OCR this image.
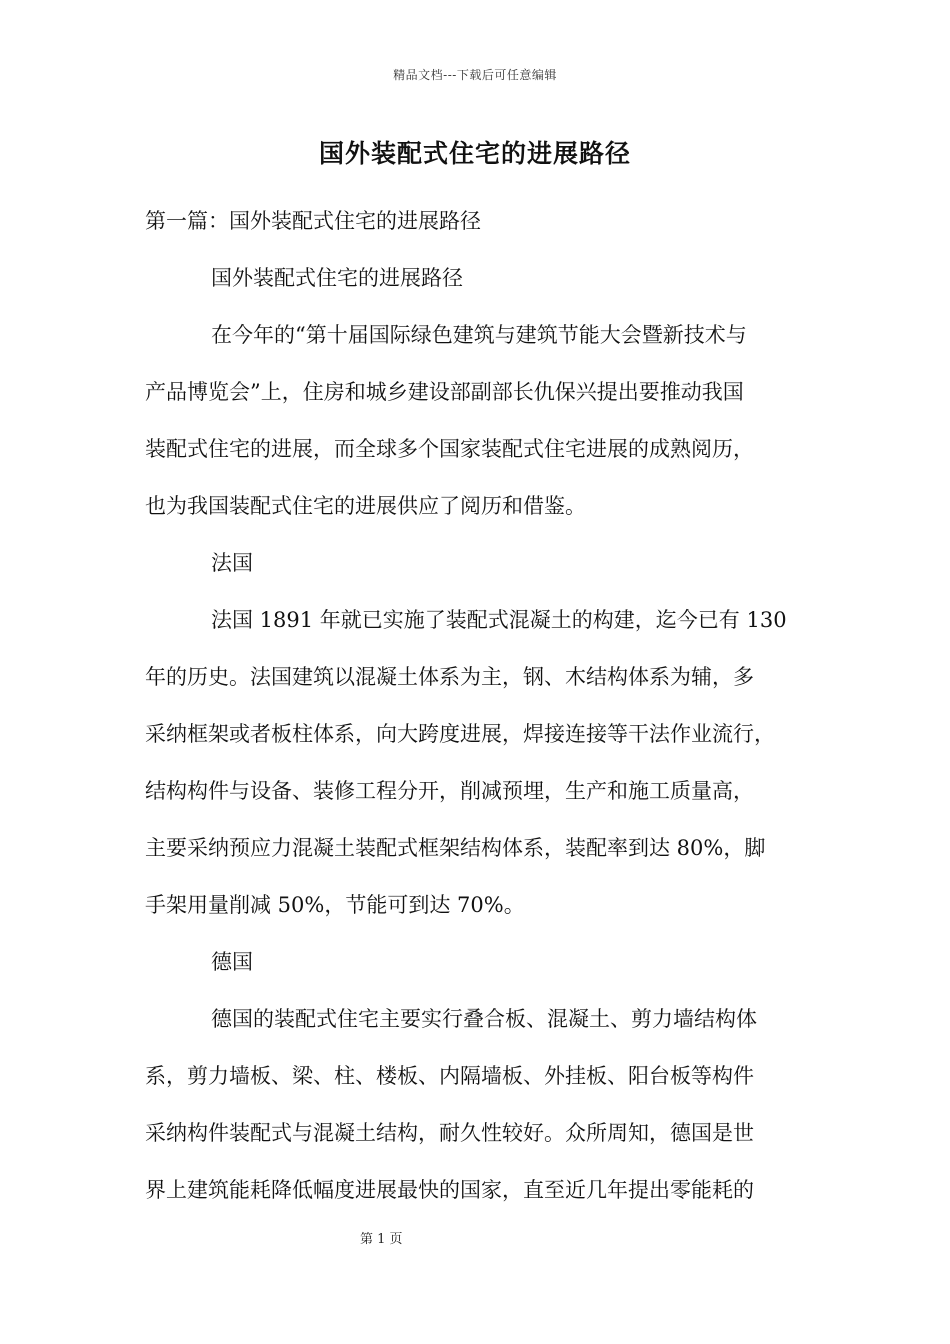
精品文档---下载后可任意编辑
国外装配式住宅的进展路径
第一篇：国外装配式住宅的进展路径
国外装配式住宅的进展路径
在今年的“第十届国际绿色建筑与建筑节能大会暨新技术与
产品博览会”上，住房和城乡建设部副部长仇保兴提出要推动我国
装配式住宅的进展，而全球多个国家装配式住宅进展的成熟阅历，
也为我国装配式住宅的进展供应了阅历和借鉴。
法国
法国 1891 年就已实施了装配式混凝土的构建，迄今已有 130
年的历史。法国建筑以混凝土体系为主，钢、木结构体系为辅，多
采纳框架或者板柱体系，向大跨度进展，焊接连接等干法作业流行，
结构构件与设备、装修工程分开，削减预埋，生产和施工质量高，
主要采纳预应力混凝土装配式框架结构体系，装配率到达 80%，脚
手架用量削减 50%，节能可到达 70%。
德国
德国的装配式住宅主要实行叠合板、混凝土、剪力墙结构体
系，剪力墙板、梁、柱、楼板、内隔墙板、外挂板、阳台板等构件
采纳构件装配式与混凝土结构，耐久性较好。众所周知，德国是世
界上建筑能耗降低幅度进展最快的国家，直至近几年提出零能耗的
第 1 页
